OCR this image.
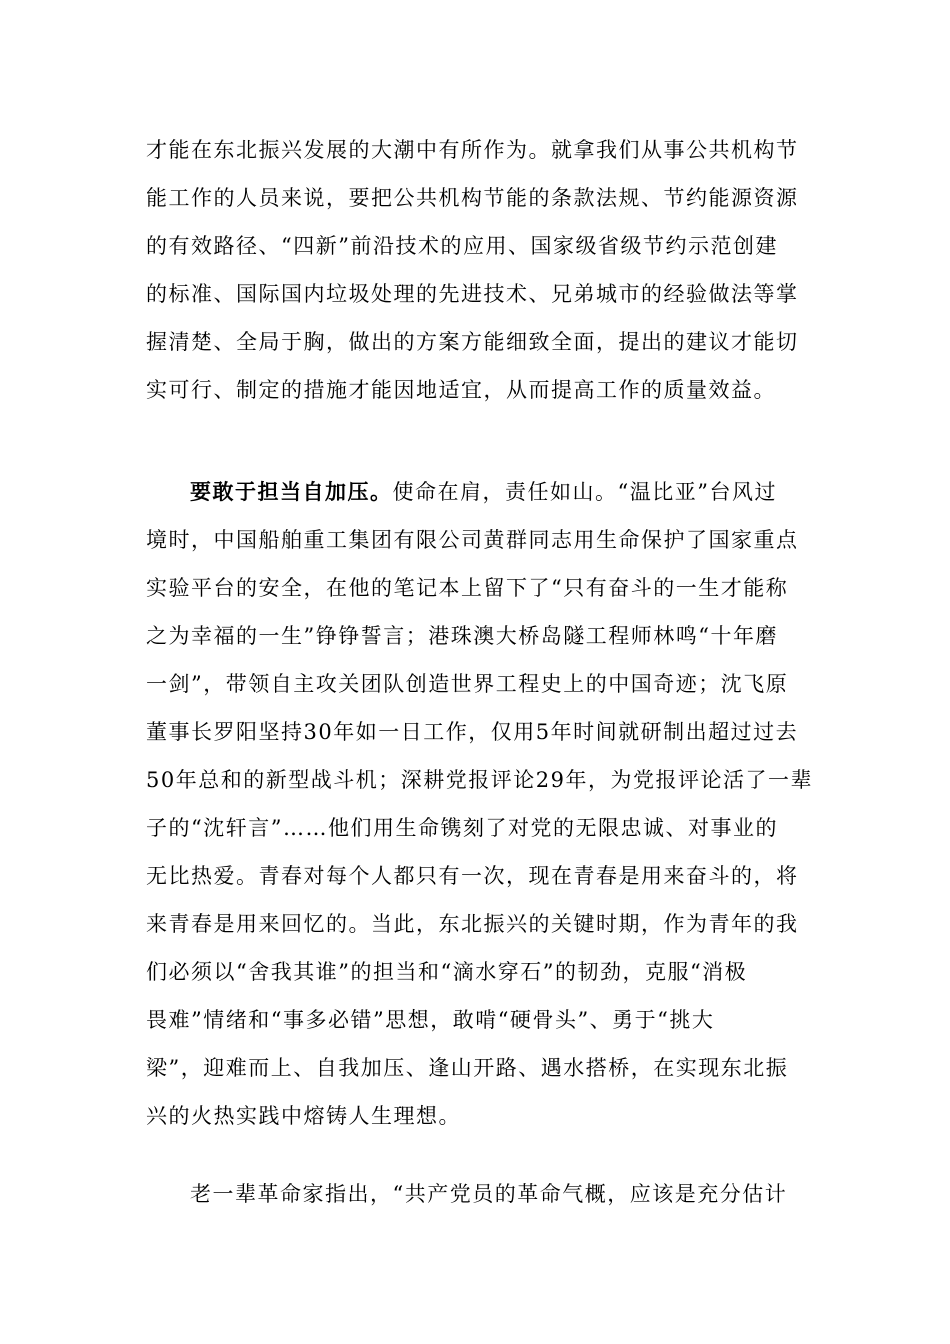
才能在东北振兴发展的大潮中有所作为。就拿我们从事公共机构节
能工作的人员来说，要把公共机构节能的条款法规、节约能源资源
的有效路径、“四新”前沿技术的应用、国家级省级节约示范创建
的标准、国际国内垃圾处理的先进技术、兄弟城市的经验做法等掌
握清楚、全局于胸，做出的方案方能细致全面，提出的建议才能切
实可行、制定的措施才能因地适宜，从而提高工作的质量效益。
要敢于担当自加压。使命在肩，责任如山。“温比亚”台风过
境时，中国船舶重工集团有限公司黄群同志用生命保护了国家重点
实验平台的安全，在他的笔记本上留下了“只有奋斗的一生才能称
之为幸福的一生”铮铮誓言；港珠澳大桥岛隧工程师林鸣“十年磨
一剑”，带领自主攻关团队创造世界工程史上的中国奇迹；沈飞原
董事长罗阳坚持30年如一日工作，仅用5年时间就研制出超过过去
50年总和的新型战斗机；深耕党报评论29年，为党报评论活了一辈
子的“沈轩言”……他们用生命镌刻了对党的无限忠诚、对事业的
无比热爱。青春对每个人都只有一次，现在青春是用来奋斗的，将
来青春是用来回忆的。当此，东北振兴的关键时期，作为青年的我
们必须以“舍我其谁”的担当和“滴水穿石”的韧劲，克服“消极
畏难”情绪和“事多必错”思想，敢啃“硬骨头”、勇于“挑大
梁”，迎难而上、自我加压、逢山开路、遇水搭桥，在实现东北振
兴的火热实践中熔铸人生理想。
老一辈革命家指出，“共产党员的革命气概，应该是充分估计
